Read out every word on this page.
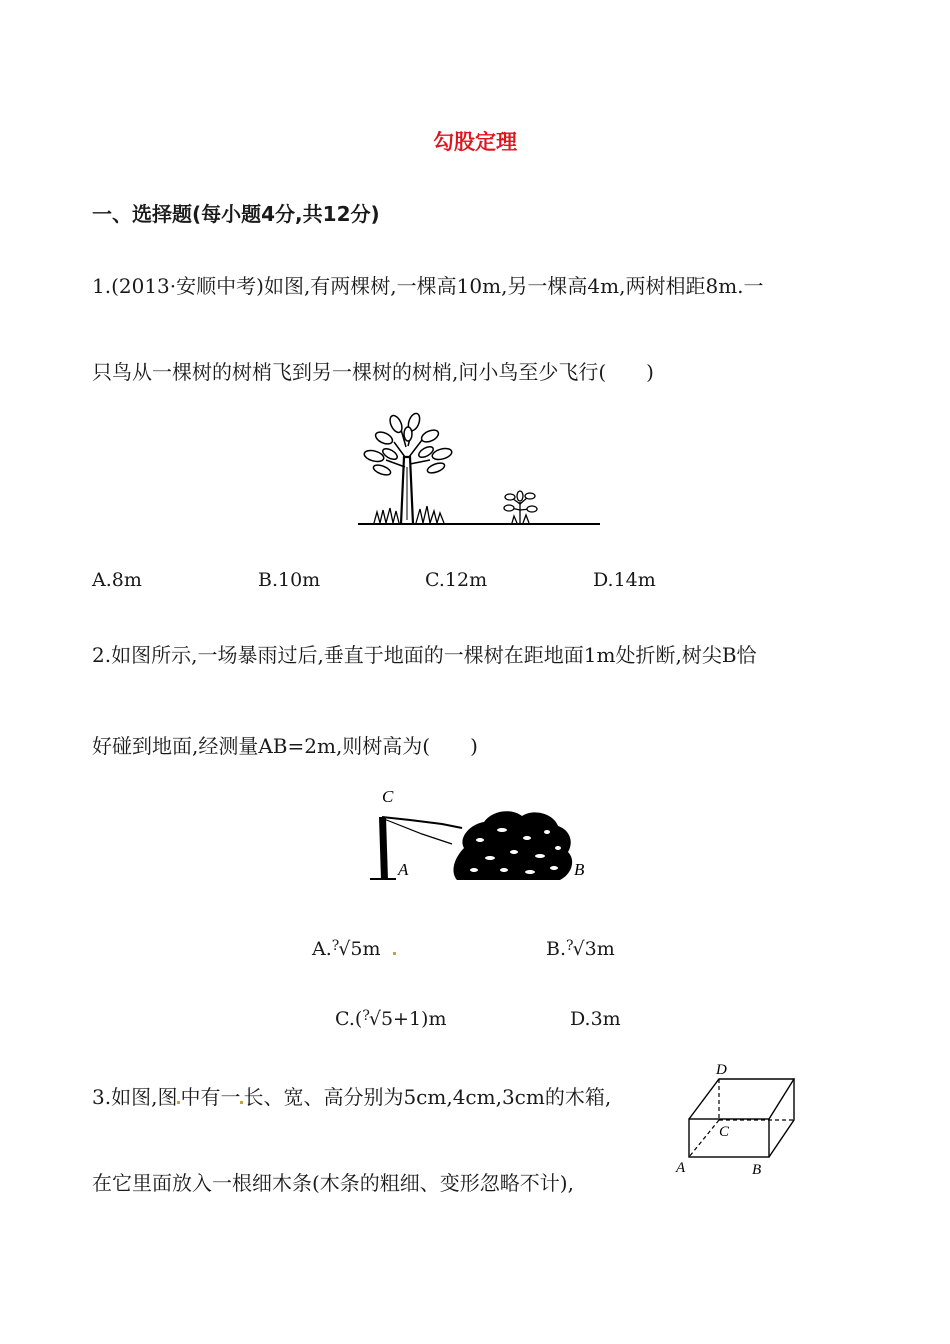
勾股定理
一、选择题(每小题4分,共12分)
1.(2013·安顺中考)如图,有两棵树,一棵高10m,另一棵高4m,两树相距8m.一
只鸟从一棵树的树梢飞到另一棵树的树梢,问小鸟至少飞行(　　)
A.8m	B.10m	C.12m	D.14m
2.如图所示,一场暴雨过后,垂直于地面的一棵树在距地面1m处折断,树尖B恰
好碰到地面,经测量AB=2m,则树高为(　　)
C
A	B
A.?√5m	B.?√3m
C.(?√5+1)m	D.3m
3.如图,图 中有一 长、宽、高分别为5cm,4cm,3cm的木箱,
在它里面放入一根细木条(木条的粗细、变形忽略不计),
D
C
A	B
